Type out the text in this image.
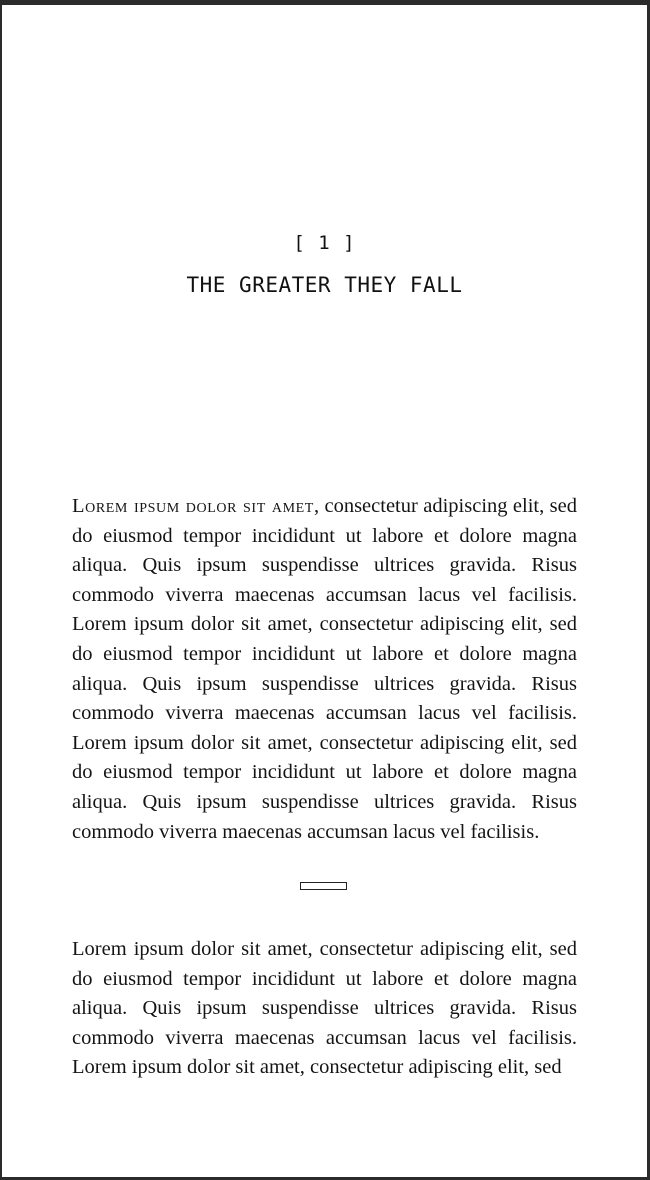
[ 1 ]
THE GREATER THEY FALL

Lorem ipsum dolor sit amet, consectetur adipiscing elit, sed do eiusmod tempor incididunt ut labore et dolore magna aliqua. Quis ipsum suspendisse ultrices gravida. Risus commodo viverra maecenas accumsan lacus vel facilisis. Lorem ipsum dolor sit amet, consectetur adipiscing elit, sed do eiusmod tempor incididunt ut labore et dolore magna aliqua. Quis ipsum suspendisse ultrices gravida. Risus commodo viverra maecenas accumsan lacus vel facilisis. Lorem ipsum dolor sit amet, consectetur adipiscing elit, sed do eiusmod tempor incididunt ut labore et dolore magna aliqua. Quis ipsum suspendisse ultrices gravida. Risus commodo viverra maecenas accumsan lacus vel facilisis.

Lorem ipsum dolor sit amet, consectetur adipiscing elit, sed do eiusmod tempor incididunt ut labore et dolore magna aliqua. Quis ipsum suspendisse ultrices gravida. Risus commodo viverra maecenas accumsan lacus vel facilisis. Lorem ipsum dolor sit amet, consectetur adipiscing elit, sed
